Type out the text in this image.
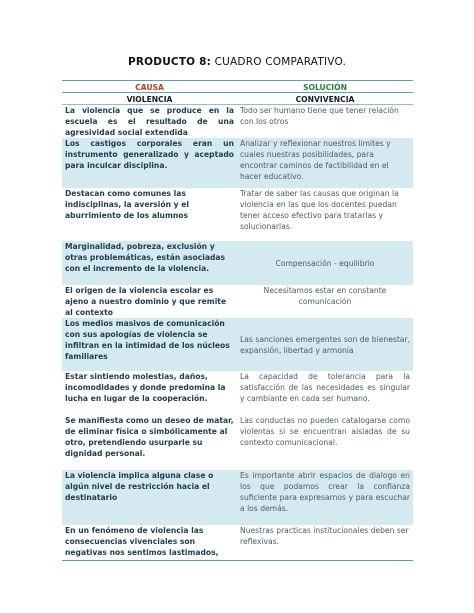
PRODUCTO 8: CUADRO COMPARATIVO.
CAUSA	SOLUCIÓN
VIOLENCIA	CONVIVENCIA
La violencia que se produce en la escuela es el resultado de una agresividad social extendida
Todo ser humano tiene que tener relación con los otros
Los castigos corporales eran un instrumento generalizado y aceptado para inculcar disciplina.
Analizar y reflexionar nuestros limites y cuales nuestras posibilidades, para encontrar caminos de factibilidad en el hacer educativo.
Destacan como comunes las indisciplinas, la aversión y el aburrimiento de los alumnos
Tratar de saber las causas que originan la violencia en las que los docentes puedan tener acceso efectivo para tratarlas y solucionarlas.
Marginalidad, pobreza, exclusión y otras problemáticas, están asociadas con el incremento de la violencia.
Compensación - equilibrio
El origen de la violencia escolar es ajeno a nuestro dominio y que remite al contexto
Necesitamos estar en constante comunicación
Los medios masivos de comunicación con sus apologías de violencia se infiltran en la intimidad de los núcleos familiares
Las sanciones emergentes son de bienestar, expansión, libertad y armonía
Estar sintiendo molestias, daños, incomodidades y donde predomina la lucha en lugar de la cooperación.
La capacidad de tolerancia para la satisfacción de las necesidades es singular y cambiante en cada ser humano.
Se manifiesta como un deseo de matar, de eliminar física o simbólicamente al otro, pretendiendo usurparle su dignidad personal.
Las conductas no pueden catalogarse como violentas si se encuentran aisladas de su contexto comunicacional.
La violencia implica alguna clase o algún nivel de restricción hacia el destinatario
Es importante abrir espacios de dialogo en los que podamos crear la confianza suficiente para expresarnos y para escuchar a los demás.
En un fenómeno de violencia las consecuencias vivenciales son negativas nos sentimos lastimados,
Nuestras practicas institucionales deben ser reflexivas.
